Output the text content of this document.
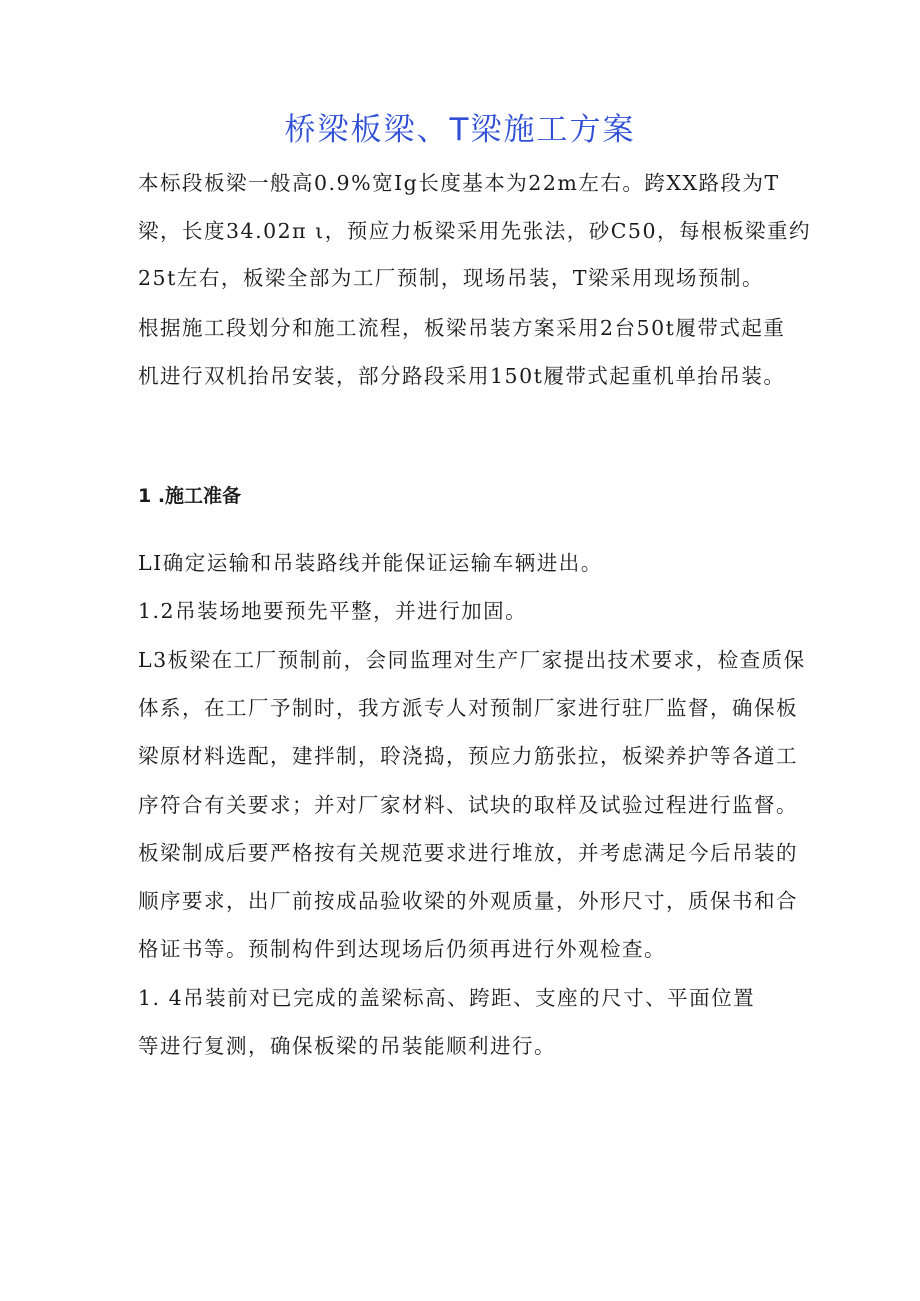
桥梁板梁、T梁施工方案
本标段板梁一般高0.9%宽Ig长度基本为22m左右。跨XX路段为T
梁，长度34.02π ι，预应力板梁采用先张法，砂C50，每根板梁重约
25t左右，板梁全部为工厂预制，现场吊装，T梁采用现场预制。
根据施工段划分和施工流程，板梁吊装方案采用2台50t履带式起重
机进行双机抬吊安装，部分路段采用150t履带式起重机单抬吊装。
1 .施工准备
LI确定运输和吊装路线并能保证运输车辆进出。
1.2吊装场地要预先平整，并进行加固。
L3板梁在工厂预制前，会同监理对生产厂家提出技术要求，检查质保
体系，在工厂予制时，我方派专人对预制厂家进行驻厂监督，确保板
梁原材料选配，建拌制，聆浇捣，预应力筋张拉，板梁养护等各道工
序符合有关要求；并对厂家材料、试块的取样及试验过程进行监督。
板梁制成后要严格按有关规范要求进行堆放，并考虑满足今后吊装的
顺序要求，出厂前按成品验收梁的外观质量，外形尺寸，质保书和合
格证书等。预制构件到达现场后仍须再进行外观检查。
1. 4吊装前对已完成的盖梁标高、跨距、支座的尺寸、平面位置
等进行复测，确保板梁的吊装能顺利进行。
